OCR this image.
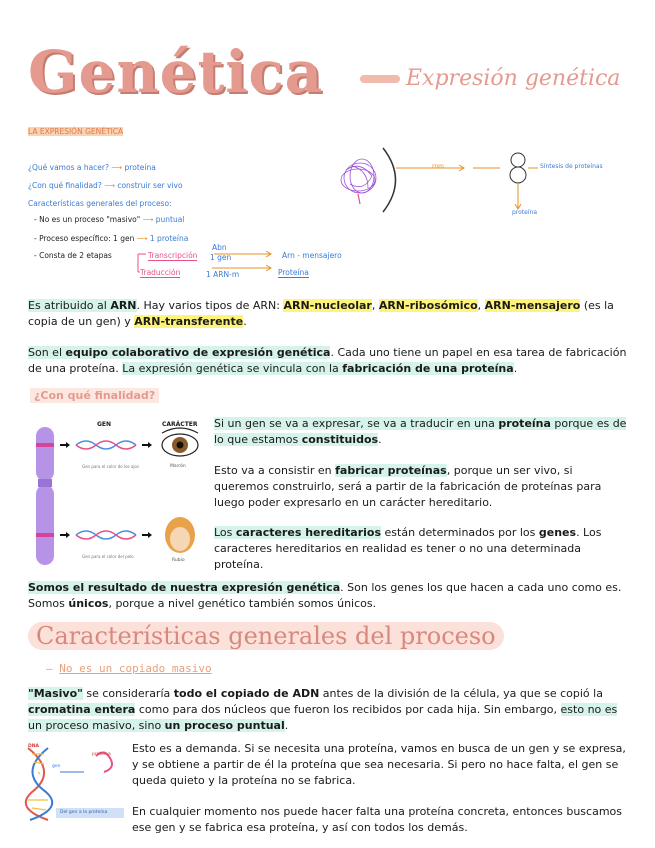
Genética	Expresión genética
LA EXPRESIÓN GENÉTICA
¿Qué vamos a hacer? ⟶ proteína
¿Con qué finalidad? ⟶ construir ser vivo
Características generales del proceso:
- No es un proceso "masivo" ⟶ puntual
- Proceso específico: 1 gen ⟶ 1 proteína
- Consta de 2 etapas	Transcripción
Traducción
Abn
1 gen
1 ARN-m
Arn - mensajero
Proteína
rnm	Síntesis de proteínas
proteína
Es atribuido al ARN. Hay varios tipos de ARN: ARN-nucleolar, ARN-ribosómico, ARN-mensajero (es la copia de un gen) y ARN-transferente.
Son el equipo colaborativo de expresión genética. Cada uno tiene un papel en esa tarea de fabricación de una proteína. La expresión genética se vincula con la fabricación de una proteína.
¿Con qué finalidad?
GEN	CARÁCTER
Gen para el color de los ojos	Marrón
Gen para el color del pelo
Rubio
Si un gen se va a expresar, se va a traducir en una proteína porque es de lo que estamos constituidos.
Esto va a consistir en fabricar proteínas, porque un ser vivo, si queremos construirlo, será a partir de la fabricación de proteínas para luego poder expresarlo en un carácter hereditario.
Los caracteres hereditarios están determinados por los genes. Los caracteres hereditarios en realidad es tener o no una determinada proteína.
Somos el resultado de nuestra expresión genética. Son los genes los que hacen a cada uno como es. Somos únicos, porque a nivel genético también somos únicos.
Características generales del proceso
– No es un copiado masivo
"Masivo" se consideraría todo el copiado de ADN antes de la división de la célula, ya que se copió la cromatina entera como para dos núcleos que fueron los recibidos por cada hija. Sin embargo, esto no es un proceso masivo, sino un proceso puntual.
DNA
gen
proteína
Del gen a la proteína
Esto es a demanda. Si se necesita una proteína, vamos en busca de un gen y se expresa, y se obtiene a partir de él la proteína que sea necesaria. Si pero no hace falta, el gen se queda quieto y la proteína no se fabrica.
En cualquier momento nos puede hacer falta una proteína concreta, entonces buscamos ese gen y se fabrica esa proteína, y así con todos los demás.
